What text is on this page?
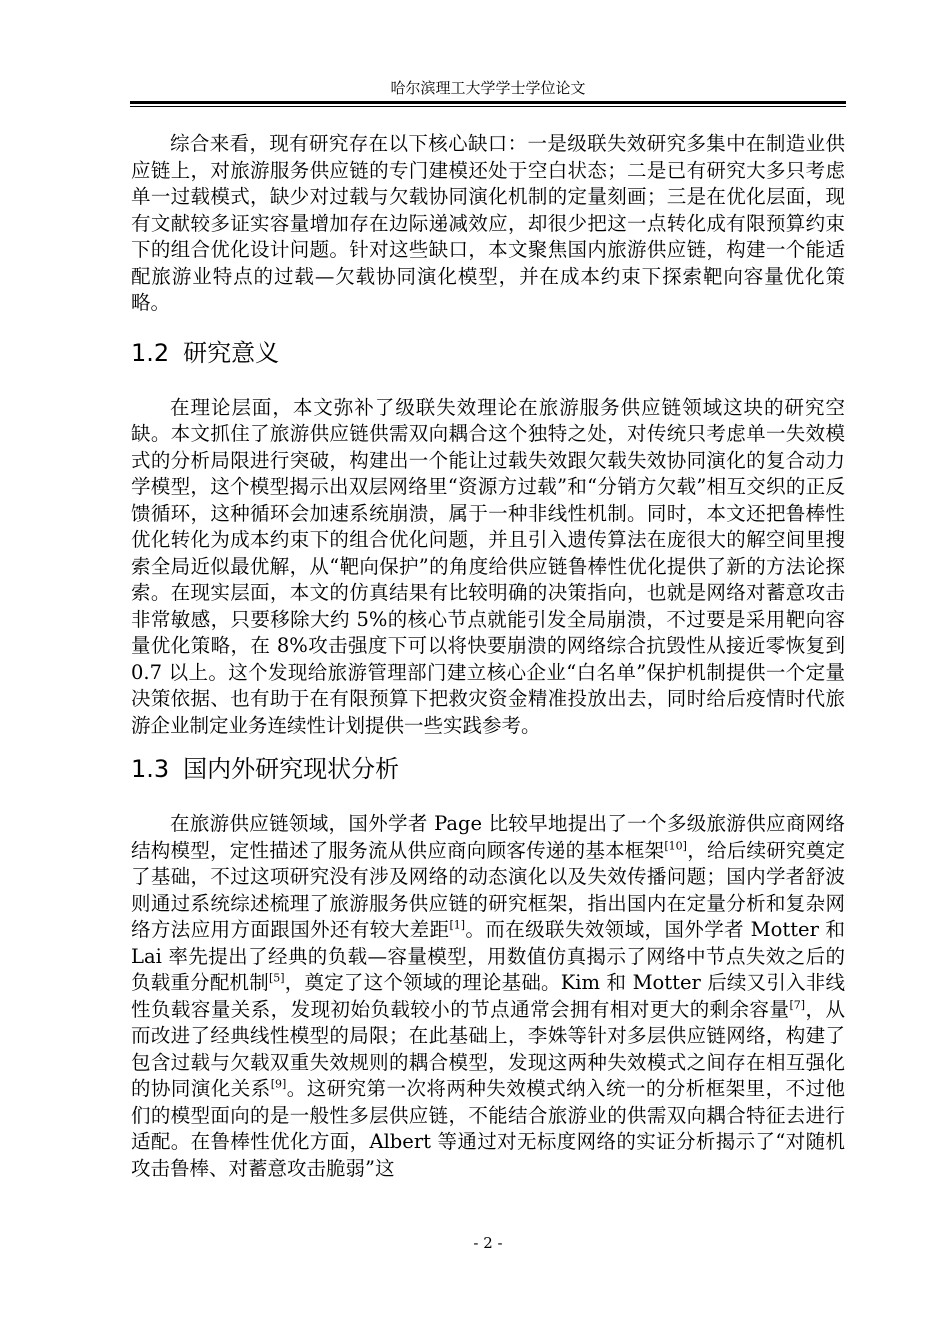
哈尔滨理工大学学士学位论文

综合来看，现有研究存在以下核心缺口：一是级联失效研究多集中在制造业供应链上，对旅游服务供应链的专门建模还处于空白状态；二是已有研究大多只考虑单一过载模式，缺少对过载与欠载协同演化机制的定量刻画；三是在优化层面，现有文献较多证实容量增加存在边际递减效应，却很少把这一点转化成有限预算约束下的组合优化设计问题。针对这些缺口，本文聚焦国内旅游供应链，构建一个能适配旅游业特点的过载—欠载协同演化模型，并在成本约束下探索靶向容量优化策略。

1.2 研究意义

在理论层面，本文弥补了级联失效理论在旅游服务供应链领域这块的研究空缺。本文抓住了旅游供应链供需双向耦合这个独特之处，对传统只考虑单一失效模式的分析局限进行突破，构建出一个能让过载失效跟欠载失效协同演化的复合动力学模型，这个模型揭示出双层网络里“资源方过载”和“分销方欠载”相互交织的正反馈循环，这种循环会加速系统崩溃，属于一种非线性机制。同时，本文还把鲁棒性优化转化为成本约束下的组合优化问题，并且引入遗传算法在庞很大的解空间里搜索全局近似最优解，从“靶向保护”的角度给供应链鲁棒性优化提供了新的方法论探索。在现实层面，本文的仿真结果有比较明确的决策指向，也就是网络对蓄意攻击非常敏感，只要移除大约 5%的核心节点就能引发全局崩溃，不过要是采用靶向容量优化策略，在 8%攻击强度下可以将快要崩溃的网络综合抗毁性从接近零恢复到 0.7 以上。这个发现给旅游管理部门建立核心企业“白名单”保护机制提供一个定量决策依据、也有助于在有限预算下把救灾资金精准投放出去，同时给后疫情时代旅游企业制定业务连续性计划提供一些实践参考。

1.3 国内外研究现状分析

在旅游供应链领域，国外学者 Page 比较早地提出了一个多级旅游供应商网络结构模型，定性描述了服务流从供应商向顾客传递的基本框架[10]，给后续研究奠定了基础，不过这项研究没有涉及网络的动态演化以及失效传播问题；国内学者舒波则通过系统综述梳理了旅游服务供应链的研究框架，指出国内在定量分析和复杂网络方法应用方面跟国外还有较大差距[1]。而在级联失效领域，国外学者 Motter 和 Lai 率先提出了经典的负载—容量模型，用数值仿真揭示了网络中节点失效之后的负载重分配机制[5]，奠定了这个领域的理论基础。Kim 和 Motter 后续又引入非线性负载容量关系，发现初始负载较小的节点通常会拥有相对更大的剩余容量[7]，从而改进了经典线性模型的局限；在此基础上，李姝等针对多层供应链网络，构建了包含过载与欠载双重失效规则的耦合模型，发现这两种失效模式之间存在相互强化的协同演化关系[9]。这研究第一次将两种失效模式纳入统一的分析框架里，不过他们的模型面向的是一般性多层供应链，不能结合旅游业的供需双向耦合特征去进行适配。在鲁棒性优化方面，Albert 等通过对无标度网络的实证分析揭示了“对随机攻击鲁棒、对蓄意攻击脆弱”这

- 2 -
